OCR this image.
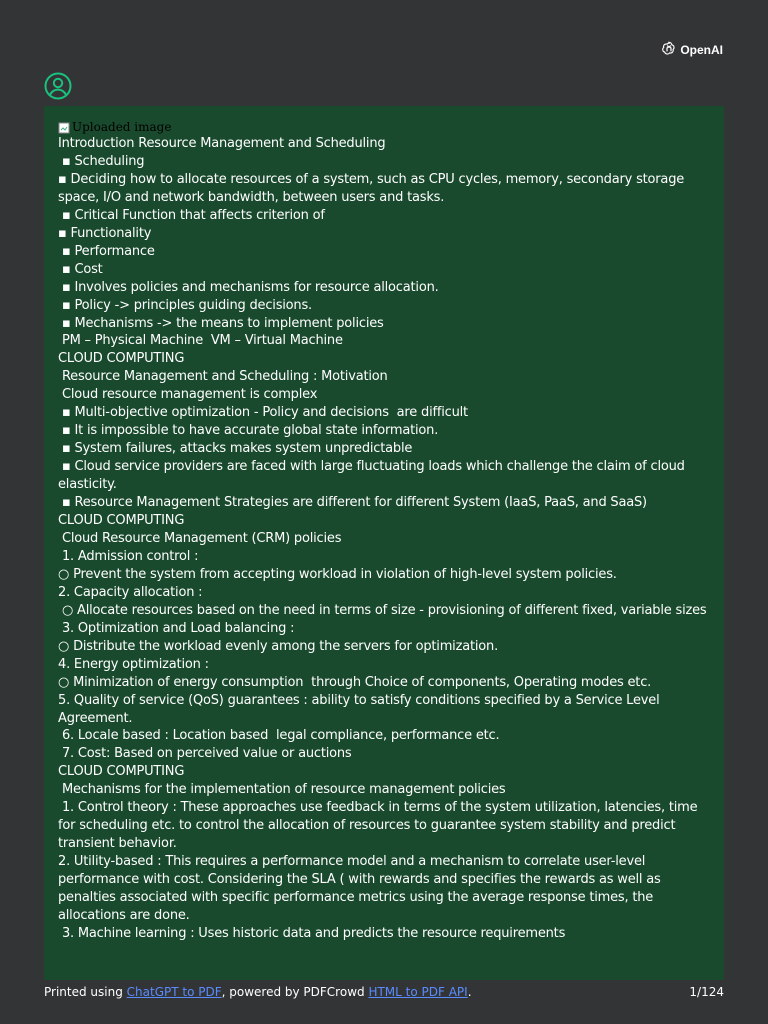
OpenAI
Uploaded image
Introduction Resource Management and Scheduling
▪ Scheduling
▪ Deciding how to allocate resources of a system, such as CPU cycles, memory, secondary storage space, I/O and network bandwidth, between users and tasks.
▪ Critical Function that affects criterion of
▪ Functionality
▪ Performance
▪ Cost
▪ Involves policies and mechanisms for resource allocation.
▪ Policy -> principles guiding decisions.
▪ Mechanisms -> the means to implement policies
PM – Physical Machine  VM – Virtual Machine
CLOUD COMPUTING
Resource Management and Scheduling : Motivation
Cloud resource management is complex
▪ Multi-objective optimization - Policy and decisions  are difficult
▪ It is impossible to have accurate global state information.
▪ System failures, attacks makes system unpredictable
▪ Cloud service providers are faced with large fluctuating loads which challenge the claim of cloud elasticity.
▪ Resource Management Strategies are different for different System (IaaS, PaaS, and SaaS)
CLOUD COMPUTING
Cloud Resource Management (CRM) policies
1. Admission control :
○ Prevent the system from accepting workload in violation of high-level system policies.
2. Capacity allocation :
○ Allocate resources based on the need in terms of size - provisioning of different fixed, variable sizes
3. Optimization and Load balancing :
○ Distribute the workload evenly among the servers for optimization.
4. Energy optimization :
○ Minimization of energy consumption  through Choice of components, Operating modes etc.
5. Quality of service (QoS) guarantees : ability to satisfy conditions specified by a Service Level Agreement.
6. Locale based : Location based  legal compliance, performance etc.
7. Cost: Based on perceived value or auctions
CLOUD COMPUTING
Mechanisms for the implementation of resource management policies
1. Control theory : These approaches use feedback in terms of the system utilization, latencies, time for scheduling etc. to control the allocation of resources to guarantee system stability and predict transient behavior.
2. Utility-based : This requires a performance model and a mechanism to correlate user-level performance with cost. Considering the SLA ( with rewards and specifies the rewards as well as penalties associated with specific performance metrics using the average response times, the allocations are done.
3. Machine learning : Uses historic data and predicts the resource requirements
Printed using ChatGPT to PDF, powered by PDFCrowd HTML to PDF API.	1/124
